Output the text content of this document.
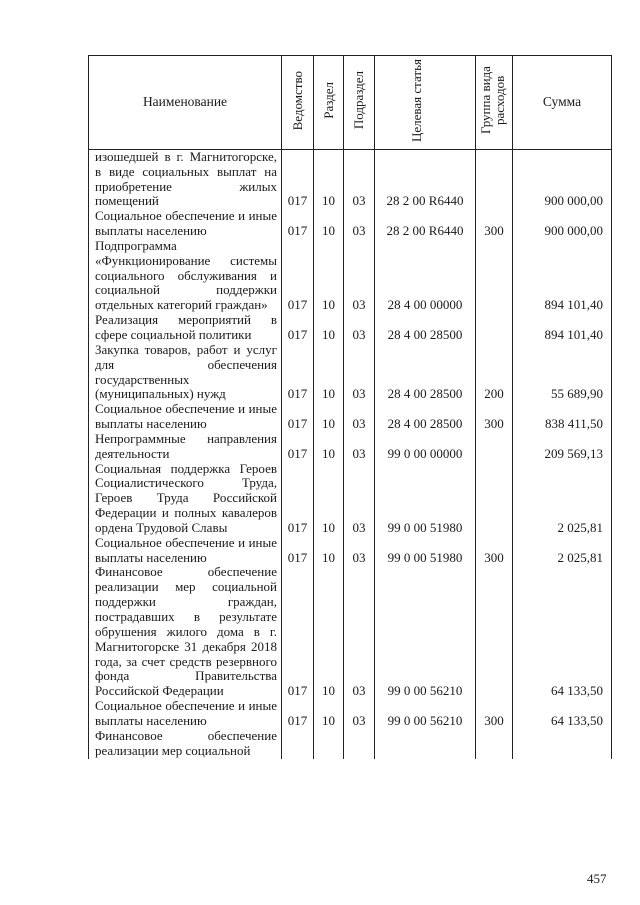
Наименование	Ведомство	Раздел	Подраздел	Целевая статья	Группа вида расходов	Сумма
изошедшей в г. Магнитогорске, в виде социальных выплат на приобретение жилых помещений	017	10	03	28 2 00 R6440		900 000,00
Социальное обеспечение и иные выплаты населению	017	10	03	28 2 00 R6440	300	900 000,00
Подпрограмма «Функционирование системы социального обслуживания и социальной поддержки отдельных категорий граждан»	017	10	03	28 4 00 00000		894 101,40
Реализация мероприятий в сфере социальной политики	017	10	03	28 4 00 28500		894 101,40
Закупка товаров, работ и услуг для обеспечения государственных (муниципальных) нужд	017	10	03	28 4 00 28500	200	55 689,90
Социальное обеспечение и иные выплаты населению	017	10	03	28 4 00 28500	300	838 411,50
Непрограммные направления деятельности	017	10	03	99 0 00 00000		209 569,13
Социальная поддержка Героев Социалистического Труда, Героев Труда Российской Федерации и полных кавалеров ордена Трудовой Славы	017	10	03	99 0 00 51980		2 025,81
Социальное обеспечение и иные выплаты населению	017	10	03	99 0 00 51980	300	2 025,81
Финансовое обеспечение реализации мер социальной поддержки граждан, пострадавших в результате обрушения жилого дома в г. Магнитогорске 31 декабря 2018 года, за счет средств резервного фонда Правительства Российской Федерации	017	10	03	99 0 00 56210		64 133,50
Социальное обеспечение и иные выплаты населению	017	10	03	99 0 00 56210	300	64 133,50
Финансовое обеспечение реализации мер социальной						
457
